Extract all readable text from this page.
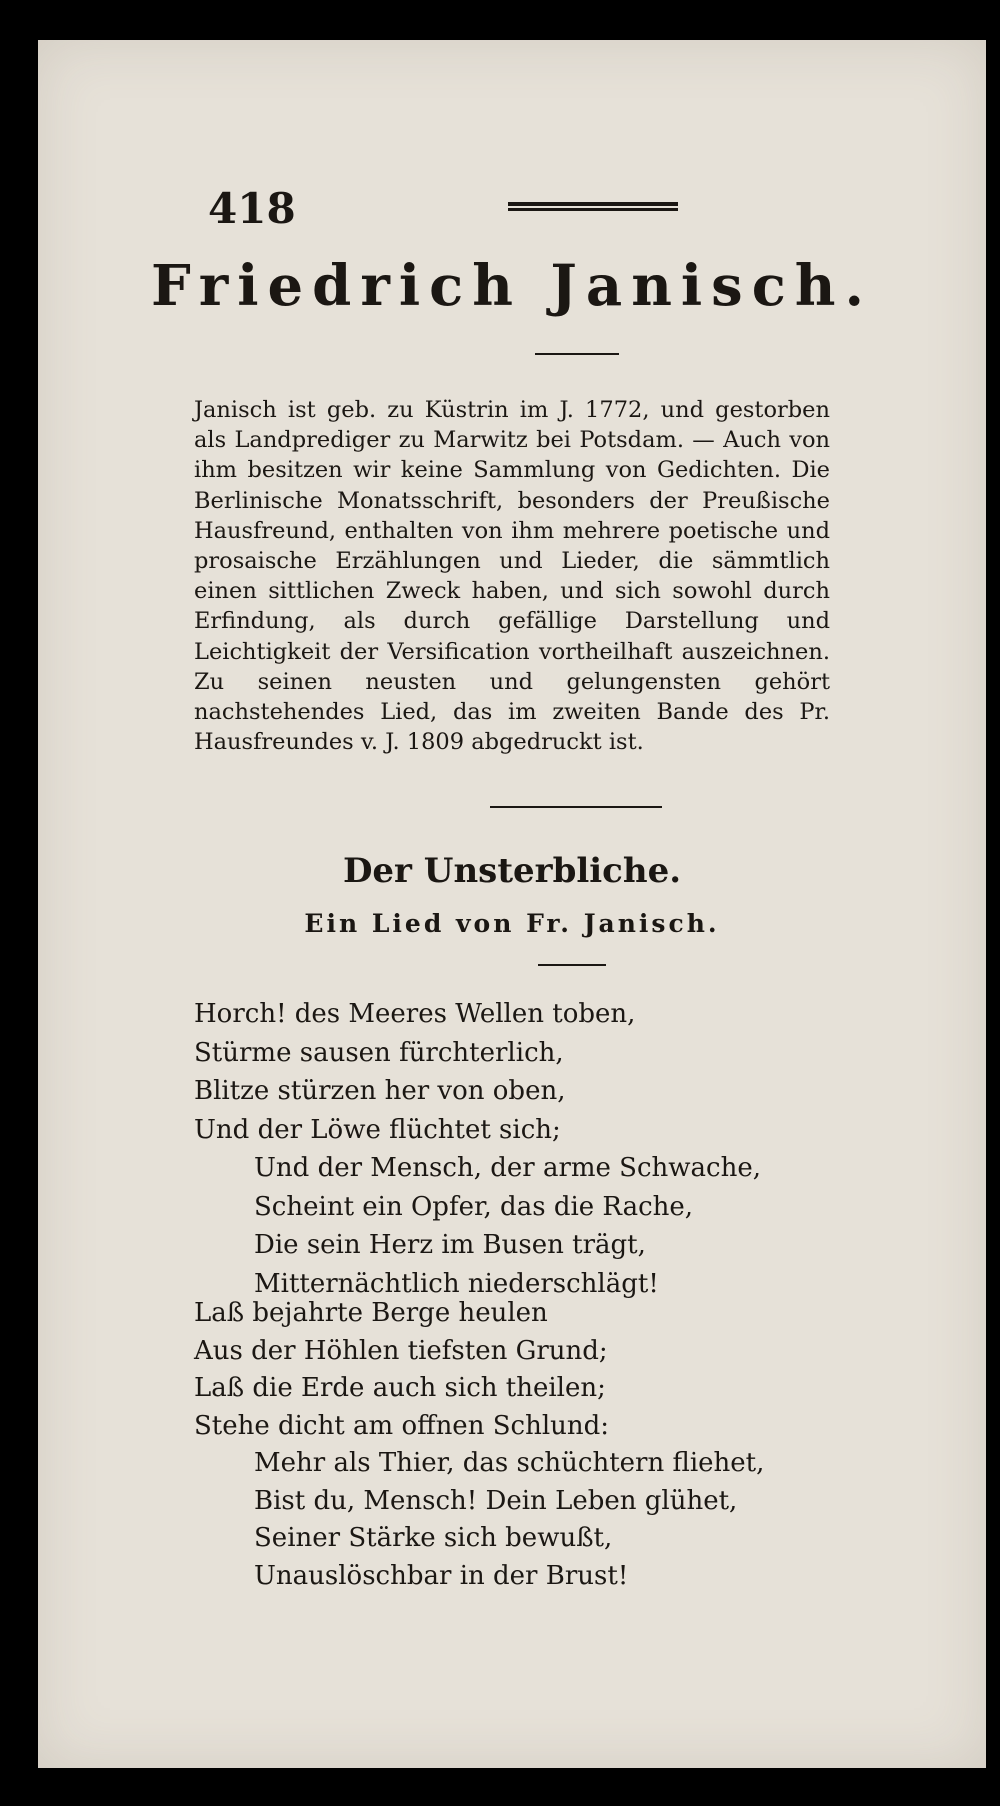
418

Friedrich Janisch.

Janisch ist geb. zu Küstrin im J. 1772, und gestorben als Landprediger zu Marwitz bei Potsdam. — Auch von ihm besitzen wir keine Sammlung von Gedichten. Die Berlinische Monatsschrift, besonders der Preußische Hausfreund, enthalten von ihm mehrere poetische und prosaische Erzählungen und Lieder, die sämmtlich einen sittlichen Zweck haben, und sich sowohl durch Erfindung, als durch gefällige Darstellung und Leichtigkeit der Versification vortheilhaft auszeichnen. Zu seinen neusten und gelungensten gehört nachstehendes Lied, das im zweiten Bande des Pr. Hausfreundes v. J. 1809 abgedruckt ist.

Der Unsterbliche.

Ein Lied von Fr. Janisch.

Horch! des Meeres Wellen toben,
Stürme sausen fürchterlich,
Blitze stürzen her von oben,
Und der Löwe flüchtet sich;
Und der Mensch, der arme Schwache,
Scheint ein Opfer, das die Rache,
Die sein Herz im Busen trägt,
Mitternächtlich niederschlägt!
Laß bejahrte Berge heulen
Aus der Höhlen tiefsten Grund;
Laß die Erde auch sich theilen;
Stehe dicht am offnen Schlund:
Mehr als Thier, das schüchtern fliehet,
Bist du, Mensch! Dein Leben glühet,
Seiner Stärke sich bewußt,
Unauslöschbar in der Brust!
